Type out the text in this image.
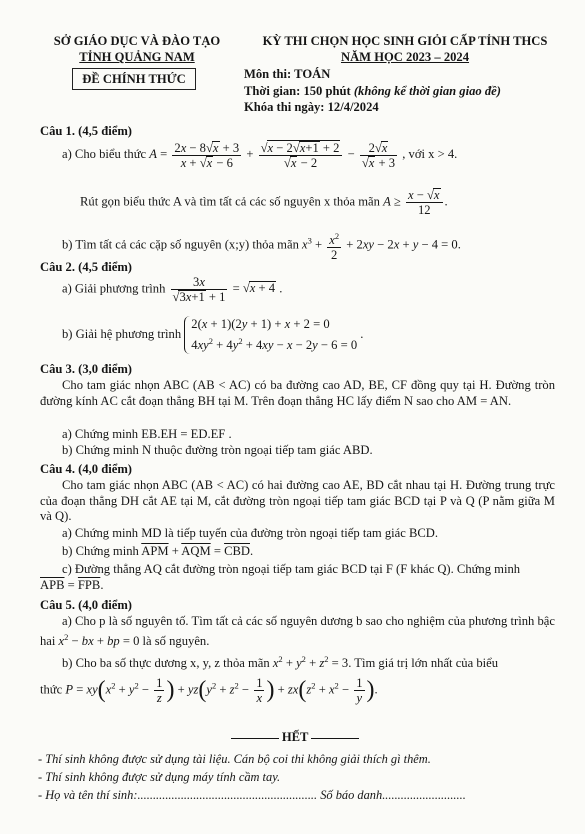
SỞ GIÁO DỤC VÀ ĐÀO TẠO
TỈNH QUẢNG NAM
KỲ THI CHỌN HỌC SINH GIỎI CẤP TỈNH THCS
NĂM HỌC 2023 – 2024
ĐỀ CHÍNH THỨC	Môn thi: TOÁN
Thời gian: 150 phút (không kể thời gian giao đề)
Khóa thi ngày: 12/4/2024
Câu 1. (4,5 điểm)
a) Cho biểu thức $A = \frac{2x - 8√x + 3}{x + √x - 6} + \frac{√x - 2√x+1 + 2}{√x - 2} - \frac{2√x}{√x + 3}$ , với x > 4.
Rút gọn biểu thức A và tìm tất cả các số nguyên x thỏa mãn $A \ge \frac{x - √x}{12}$ .
b) Tìm tất cả các cặp số nguyên (x;y) thỏa mãn $x^3 + \frac{x^2}{2} + 2xy - 2x + y - 4 = 0$.
Câu 2. (4,5 điểm)
a) Giải phương trình $\frac{3x}{√3x+1 + 1} = √x + 4$ .
b) Giải hệ phương trình 2(x + 1)(2y + 1) + x + 2 = 0
$4xy^2 + 4y^2 + 4xy - x - 2y - 6 = 0$ .
Câu 3. (3,0 điểm)
Cho tam giác nhọn ABC (AB < AC) có ba đường cao AD, BE, CF đồng quy tại H. Đường tròn đường kính AC cắt đoạn thẳng BH tại M. Trên đoạn thẳng HC lấy điểm N sao cho AM = AN.
a) Chứng minh EB.EH = ED.EF .
b) Chứng minh N thuộc đường tròn ngoại tiếp tam giác ABD.
Câu 4. (4,0 điểm)
Cho tam giác nhọn ABC (AB < AC) có hai đường cao AE, BD cắt nhau tại H. Đường trung trực của đoạn thẳng DH cắt AE tại M, cắt đường tròn ngoại tiếp tam giác BCD tại P và Q (P nằm giữa M và Q).
a) Chứng minh MD là tiếp tuyến của đường tròn ngoại tiếp tam giác BCD.
b) Chứng minh $\overline{APM} + \overline{AQM} = \overline{CBD}$.
c) Đường thẳng AQ cắt đường tròn ngoại tiếp tam giác BCD tại F (F khác Q). Chứng minh
$\overline{APB} = \overline{FPB}$.
Câu 5. (4,0 điểm)
a) Cho p là số nguyên tố. Tìm tất cả các số nguyên dương b sao cho nghiệm của phương trình bậc hai $x^2$ − bx + bp = 0 là số nguyên.
b) Cho ba số thực dương x, y, z thỏa mãn $x^2 + y^2 + z^2 = 3$. Tìm giá trị lớn nhất của biểu
thức $P = xy(x^2 + y^2 - \frac{1}{z}$ ) + $yz(y^2 + z^2 - \frac{1}{x}$ ) + $zx(z^2 + x^2 - \frac{1}{y}$ ).
HẾT
- Thí sinh không được sử dụng tài liệu. Cán bộ coi thi không giải thích gì thêm.
- Thí sinh không được sử dụng máy tính cầm tay.
- Họ và tên thí sinh:.......................................................... Số báo danh...........................
